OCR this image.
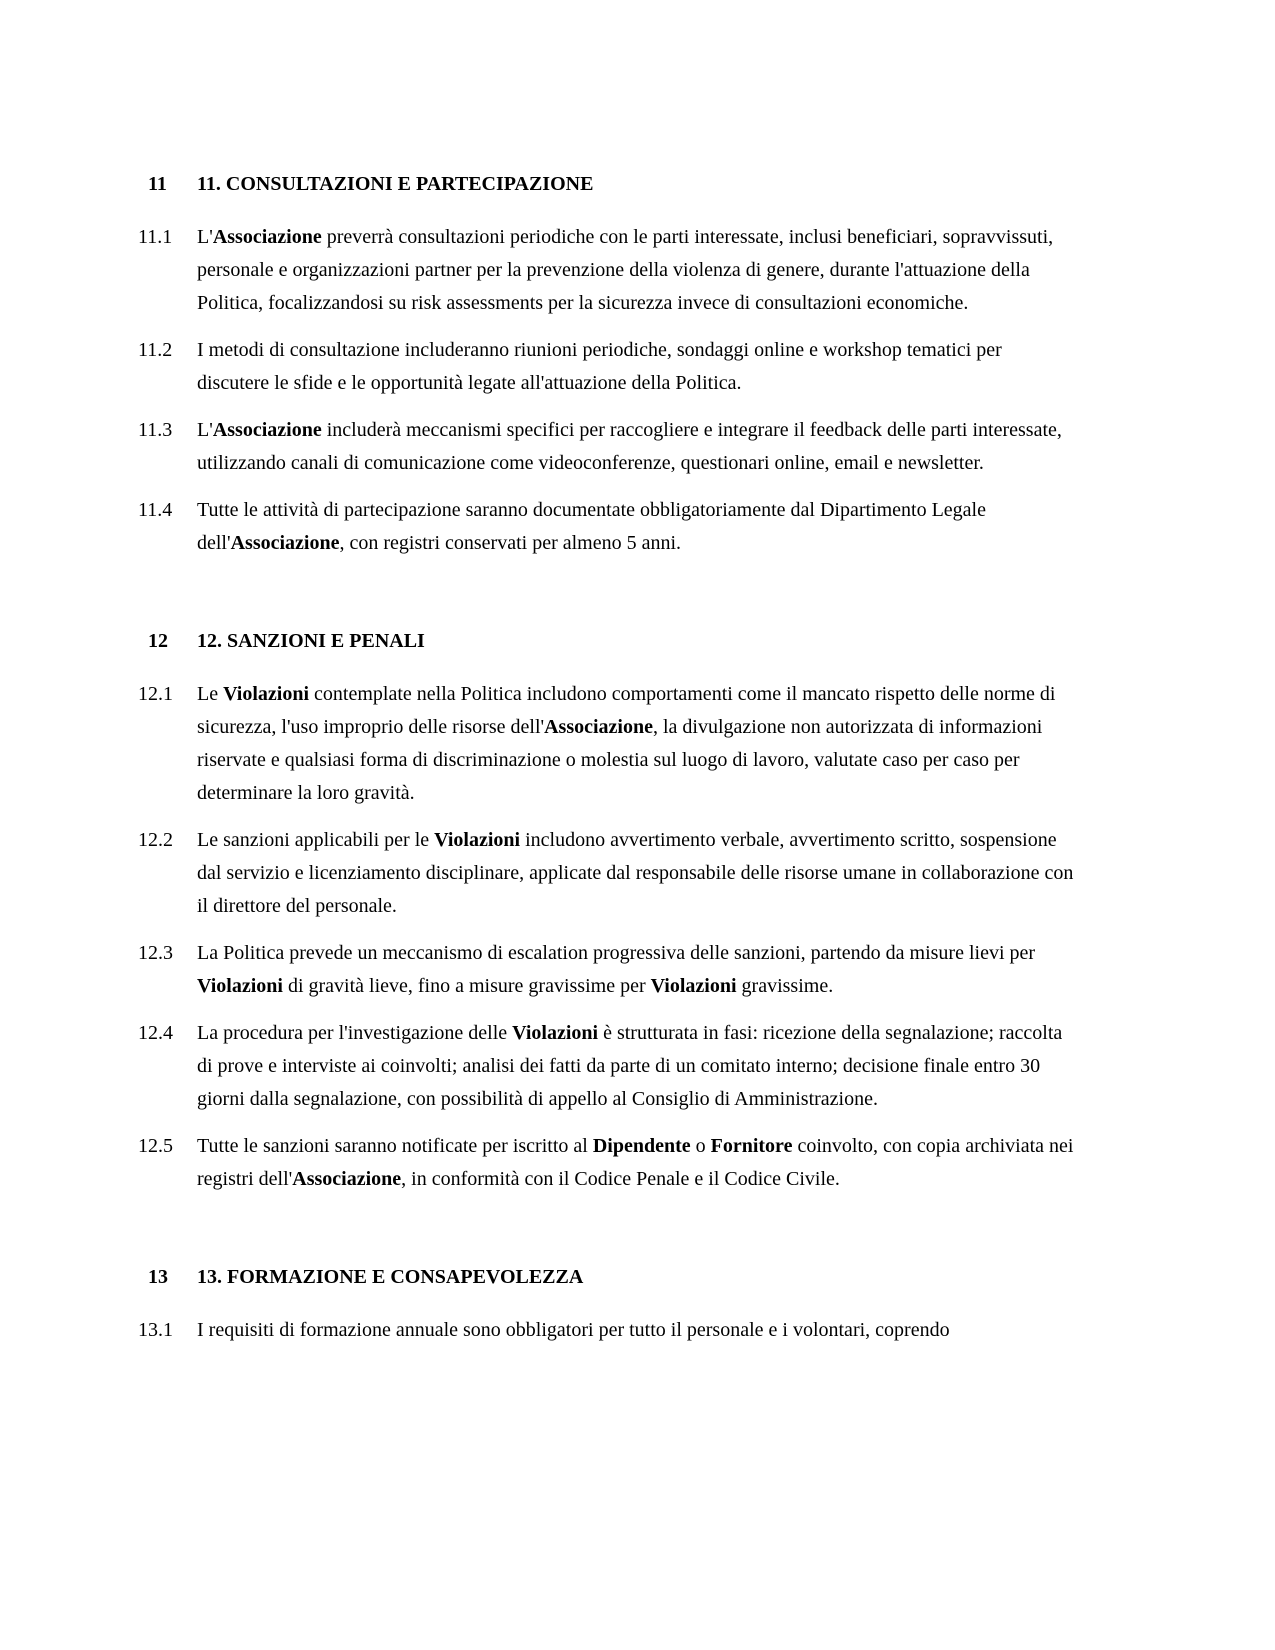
11	11. CONSULTAZIONI E PARTECIPAZIONE
11.1	L'Associazione preverrà consultazioni periodiche con le parti interessate, inclusi beneficiari, sopravvissuti, personale e organizzazioni partner per la prevenzione della violenza di genere, durante l'attuazione della Politica, focalizzandosi su risk assessments per la sicurezza invece di consultazioni economiche.

11.2	I metodi di consultazione includeranno riunioni periodiche, sondaggi online e workshop tematici per discutere le sfide e le opportunità legate all'attuazione della Politica.

11.3	L'Associazione includerà meccanismi specifici per raccogliere e integrare il feedback delle parti interessate, utilizzando canali di comunicazione come videoconferenze, questionari online, email e newsletter.

11.4	Tutte le attività di partecipazione saranno documentate obbligatoriamente dal Dipartimento Legale dell'Associazione, con registri conservati per almeno 5 anni.

12	12. SANZIONI E PENALI
12.1	Le Violazioni contemplate nella Politica includono comportamenti come il mancato rispetto delle norme di sicurezza, l'uso improprio delle risorse dell'Associazione, la divulgazione non autorizzata di informazioni riservate e qualsiasi forma di discriminazione o molestia sul luogo di lavoro, valutate caso per caso per determinare la loro gravità.

12.2	Le sanzioni applicabili per le Violazioni includono avvertimento verbale, avvertimento scritto, sospensione dal servizio e licenziamento disciplinare, applicate dal responsabile delle risorse umane in collaborazione con il direttore del personale.

12.3	La Politica prevede un meccanismo di escalation progressiva delle sanzioni, partendo da misure lievi per Violazioni di gravità lieve, fino a misure gravissime per Violazioni gravissime.

12.4	La procedura per l'investigazione delle Violazioni è strutturata in fasi: ricezione della segnalazione; raccolta di prove e interviste ai coinvolti; analisi dei fatti da parte di un comitato interno; decisione finale entro 30 giorni dalla segnalazione, con possibilità di appello al Consiglio di Amministrazione.

12.5	Tutte le sanzioni saranno notificate per iscritto al Dipendente o Fornitore coinvolto, con copia archiviata nei registri dell'Associazione, in conformità con il Codice Penale e il Codice Civile.

13	13. FORMAZIONE E CONSAPEVOLEZZA
13.1	I requisiti di formazione annuale sono obbligatori per tutto il personale e i volontari, coprendo
